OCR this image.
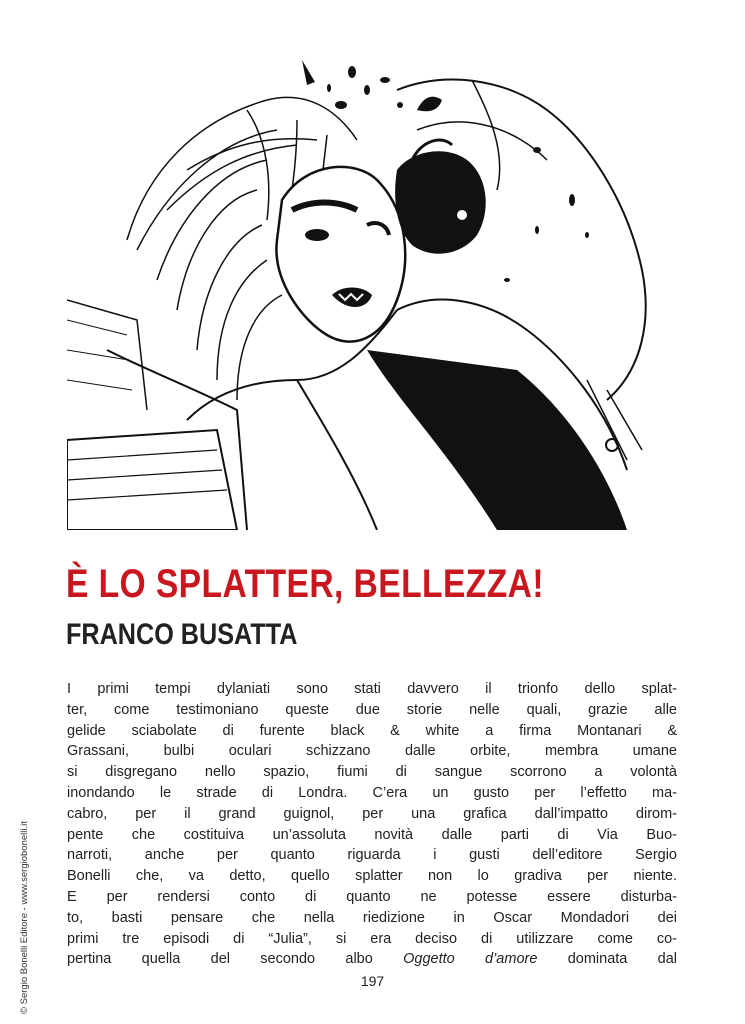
È LO SPLATTER, BELLEZZA!
FRANCO BUSATTA
I primi tempi dylaniati sono stati davvero il trionfo dello splat-
ter, come testimoniano queste due storie nelle quali, grazie alle
gelide sciabolate di furente black & white a firma Montanari &
Grassani, bulbi oculari schizzano dalle orbite, membra umane
si disgregano nello spazio, fiumi di sangue scorrono a volontà
inondando le strade di Londra. C’era un gusto per l’effetto ma-
cabro, per il grand guignol, per una grafica dall’impatto dirom-
pente che costituiva un’assoluta novità dalle parti di Via Buo-
narroti, anche per quanto riguarda i gusti dell’editore Sergio
Bonelli che, va detto, quello splatter non lo gradiva per niente.
E per rendersi conto di quanto ne potesse essere disturba-
to, basti pensare che nella riedizione in Oscar Mondadori dei
primi tre episodi di “Julia”, si era deciso di utilizzare come co-
pertina quella del secondo albo Oggetto d’amore dominata dal
197
© Sergio Bonelli Editore - www.sergiobonelli.it
